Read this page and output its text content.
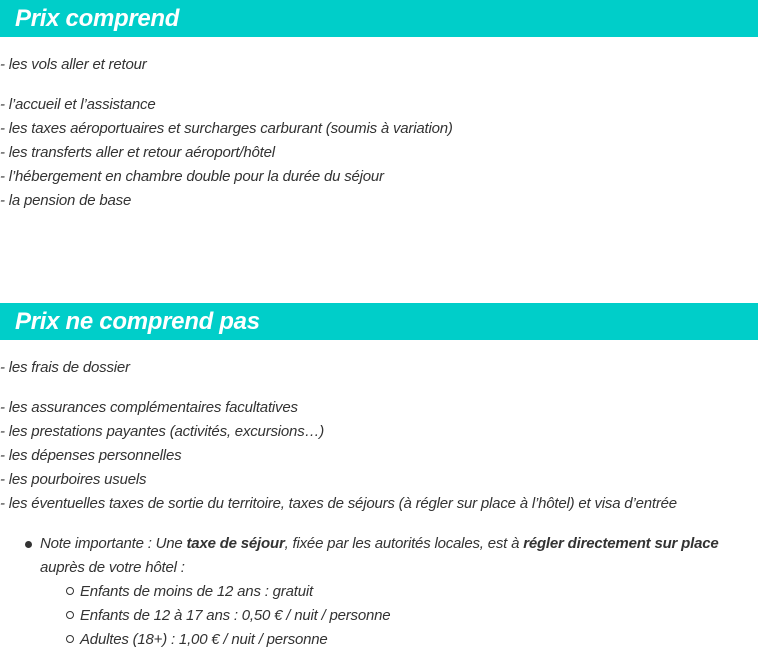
Prix comprend

- les vols aller et retour

- l’accueil et l’assistance

- les taxes aéroportuaires et surcharges carburant (soumis à variation)

- les transferts aller et retour aéroport/hôtel

- l’hébergement en chambre double pour la durée du séjour

- la pension de base

Prix ne comprend pas

- les frais de dossier

- les assurances complémentaires facultatives

- les prestations payantes (activités, excursions…)

- les dépenses personnelles

- les pourboires usuels

- les éventuelles taxes de sortie du territoire, taxes de séjours (à régler sur place à l’hôtel) et visa d’entrée

Note importante : Une taxe de séjour, fixée par les autorités locales, est à régler directement sur place auprès de votre hôtel :
Enfants de moins de 12 ans : gratuit
Enfants de 12 à 17 ans : 0,50 € / nuit / personne
Adultes (18+) : 1,00 € / nuit / personne
